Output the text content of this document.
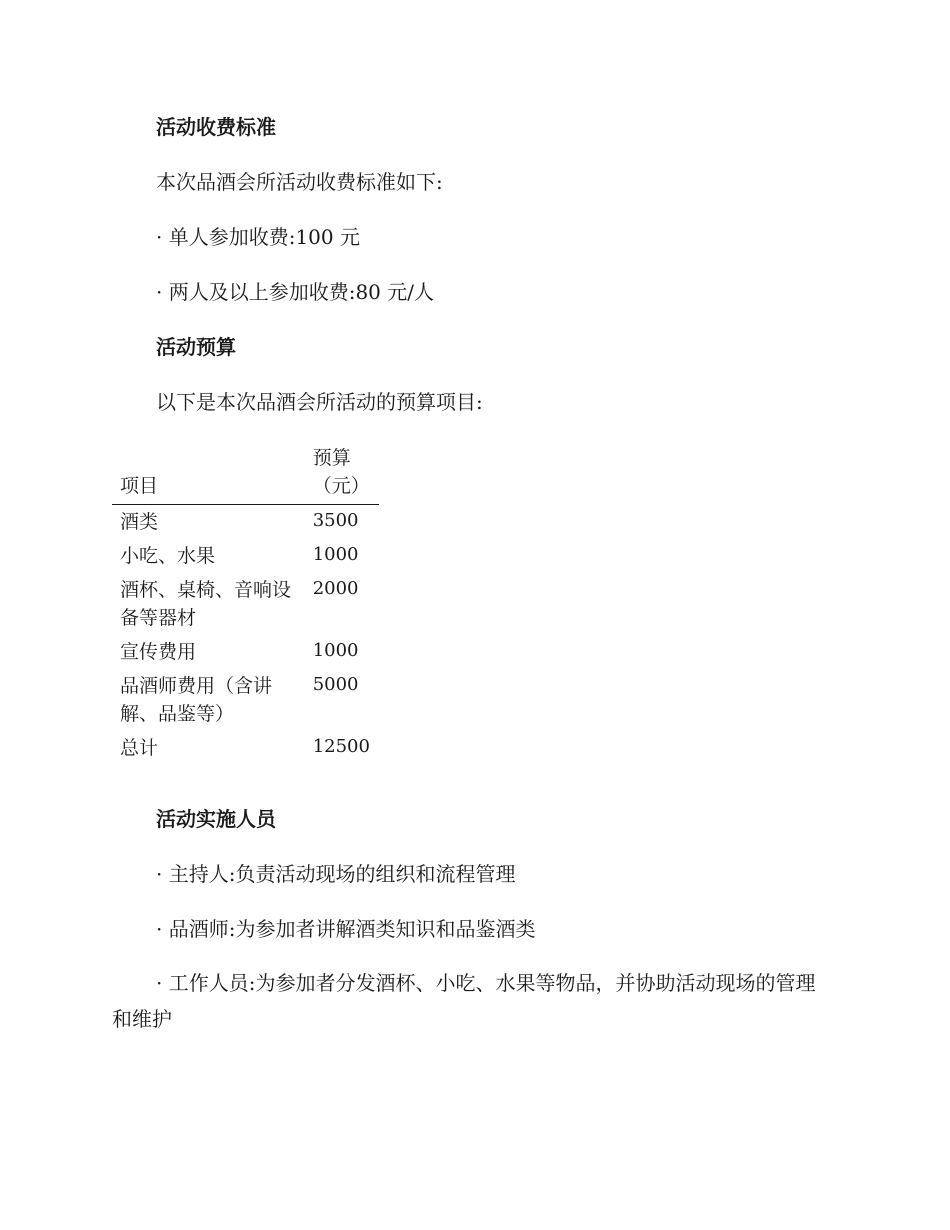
活动收费标准
本次品酒会所活动收费标准如下:
· 单人参加收费:100 元
· 两人及以上参加收费:80 元/人
活动预算
以下是本次品酒会所活动的预算项目:
项目	预算（元）
酒类	3500
小吃、水果	1000
酒杯、桌椅、音响设备等器材	2000
宣传费用	1000
品酒师费用（含讲解、品鉴等）	5000
总计	12500
活动实施人员
· 主持人:负责活动现场的组织和流程管理
· 品酒师:为参加者讲解酒类知识和品鉴酒类
· 工作人员:为参加者分发酒杯、小吃、水果等物品，并协助活动现场的管理和维护
